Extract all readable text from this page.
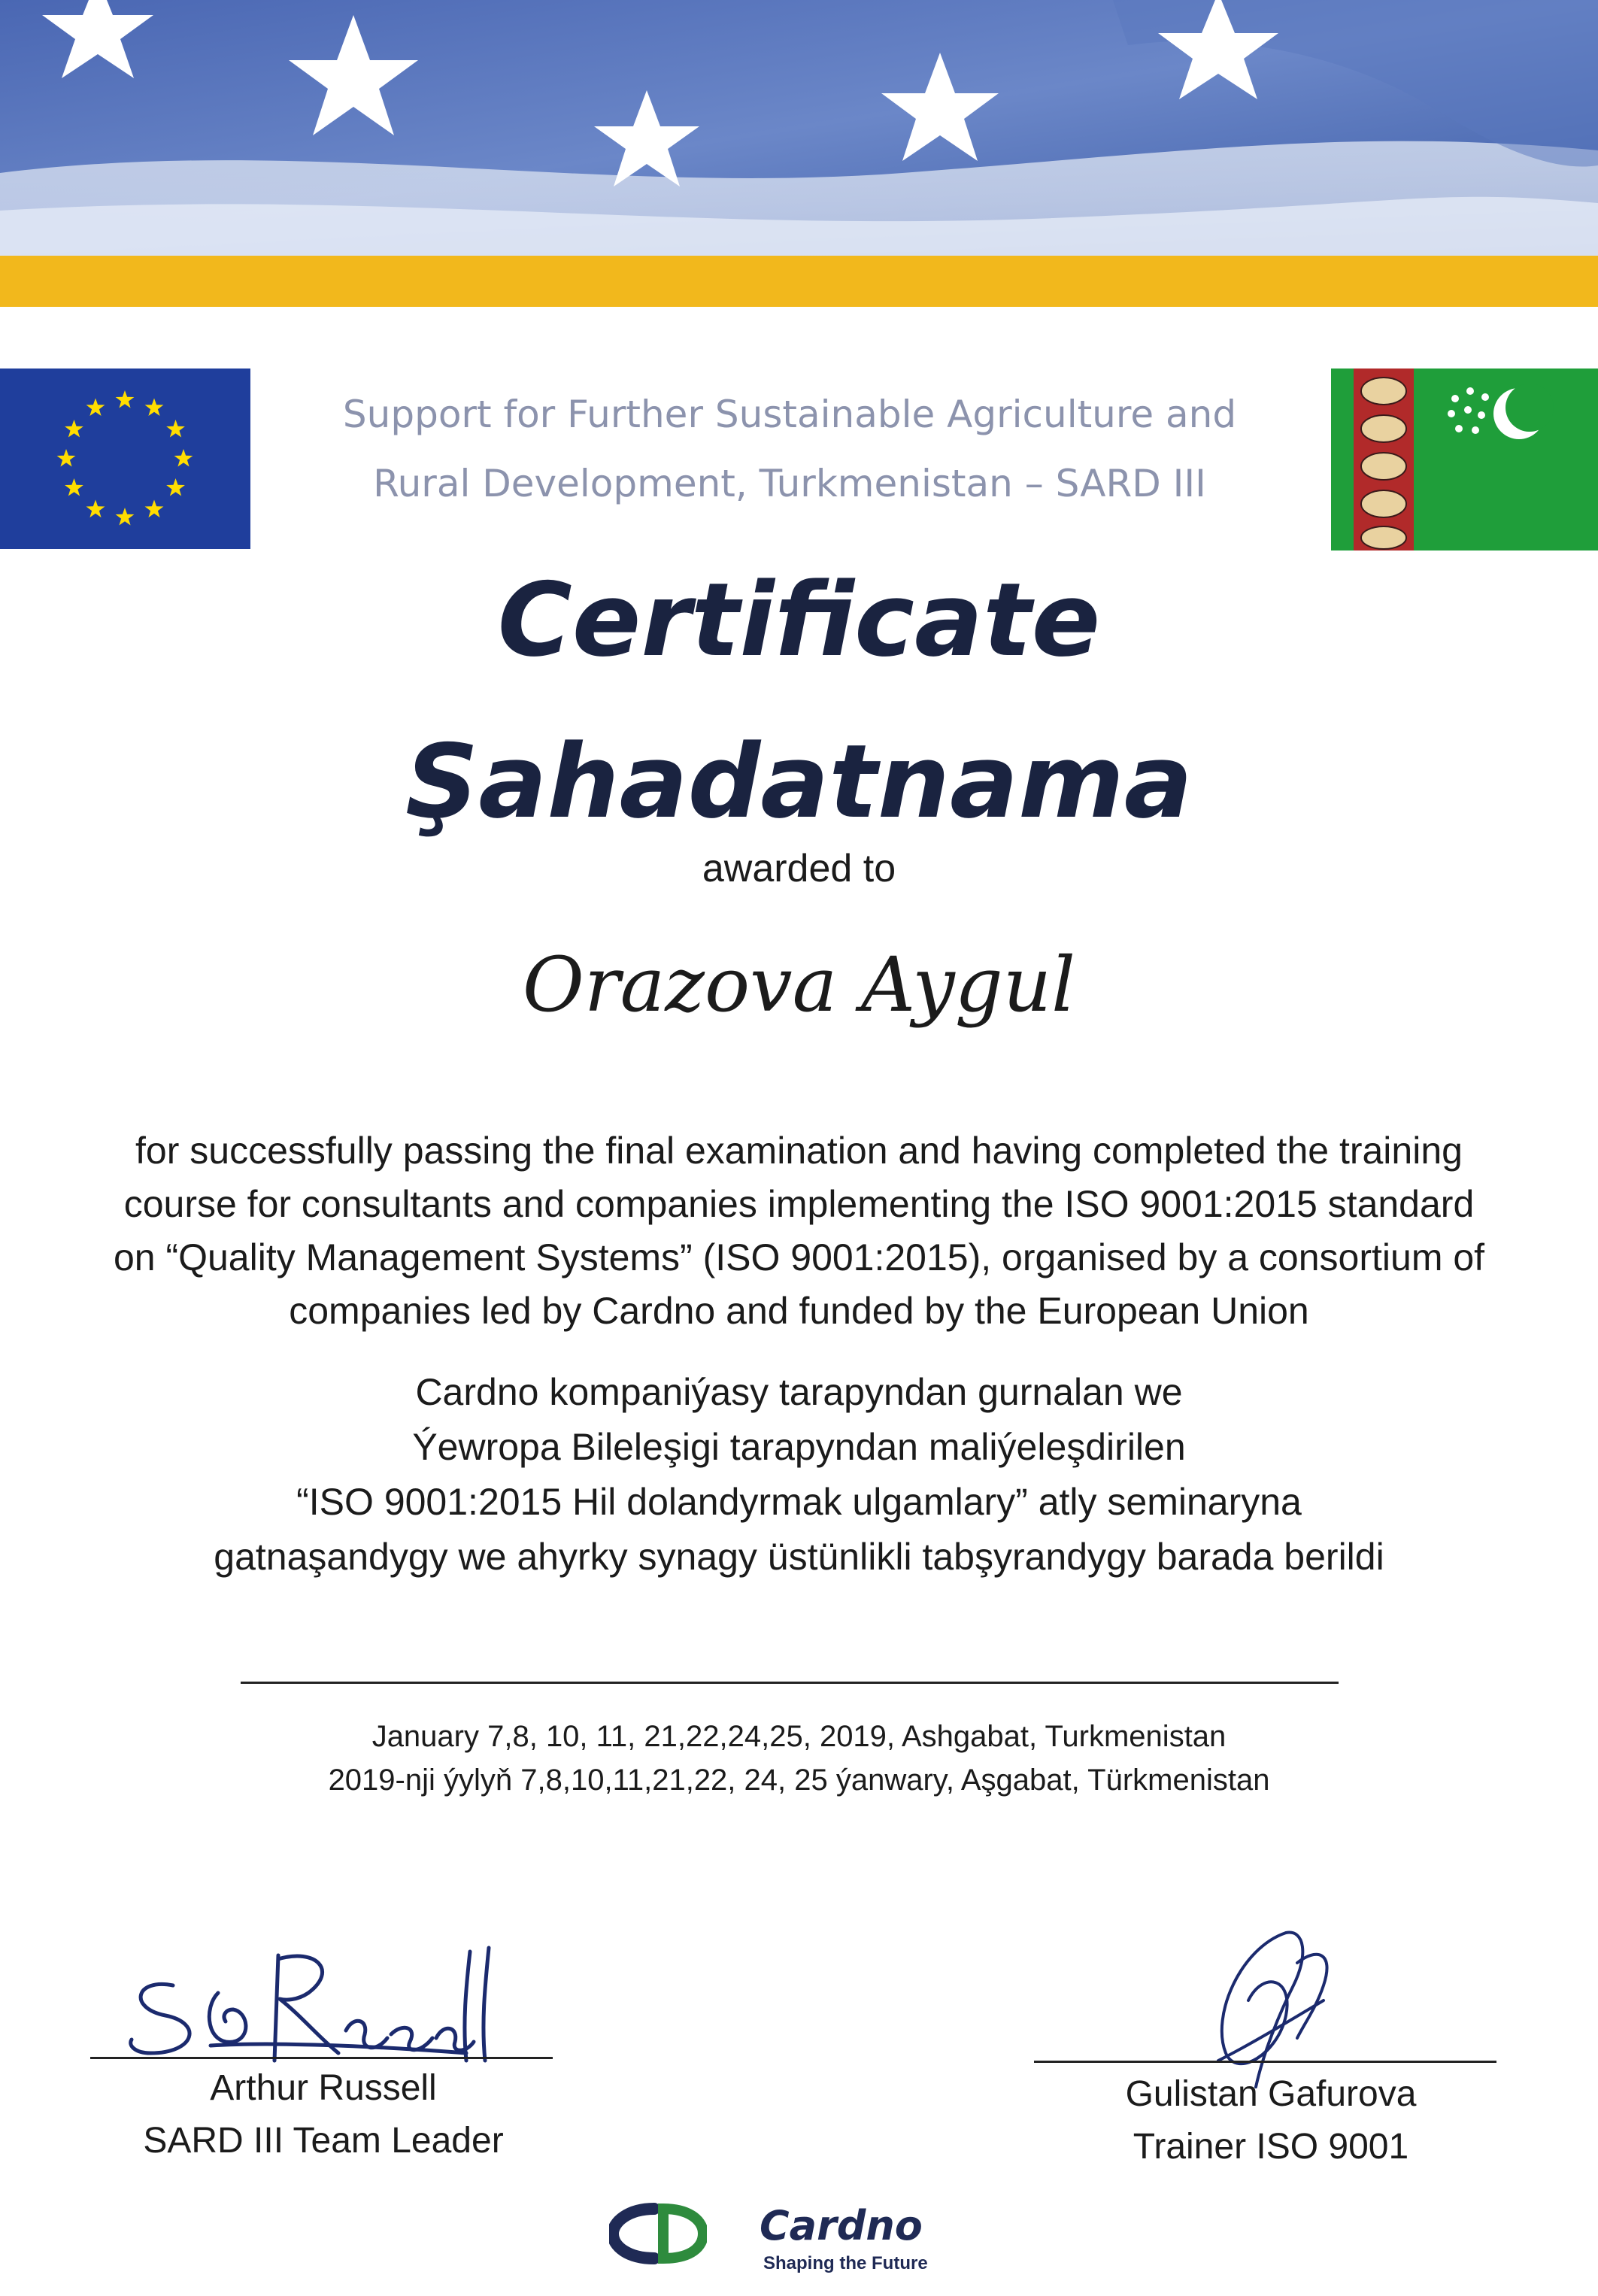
Support for Further Sustainable Agriculture and
Rural Development, Turkmenistan – SARD III
Certificate
Şahadatnama
awarded to
Orazova Aygul
for successfully passing the final examination and having completed the training
course for consultants and companies implementing the ISO 9001:2015 standard
on “Quality Management Systems” (ISO 9001:2015), organised by a consortium of
companies led by Cardno and funded by the European Union
Cardno kompaniýasy tarapyndan gurnalan we
Ýewropa Bileleşigi tarapyndan maliýeleşdirilen
“ISO 9001:2015 Hil dolandyrmak ulgamlary” atly seminaryna
gatnaşandygy we ahyrky synagy üstünlikli tabşyrandygy barada berildi
January 7,8, 10, 11, 21,22,24,25, 2019, Ashgabat, Turkmenistan
2019-nji ýylyň 7,8,10,11,21,22, 24, 25 ýanwary, Aşgabat, Türkmenistan
Arthur Russell
SARD III Team Leader
Gulistan Gafurova
Trainer ISO 9001
Cardno
Shaping the Future
